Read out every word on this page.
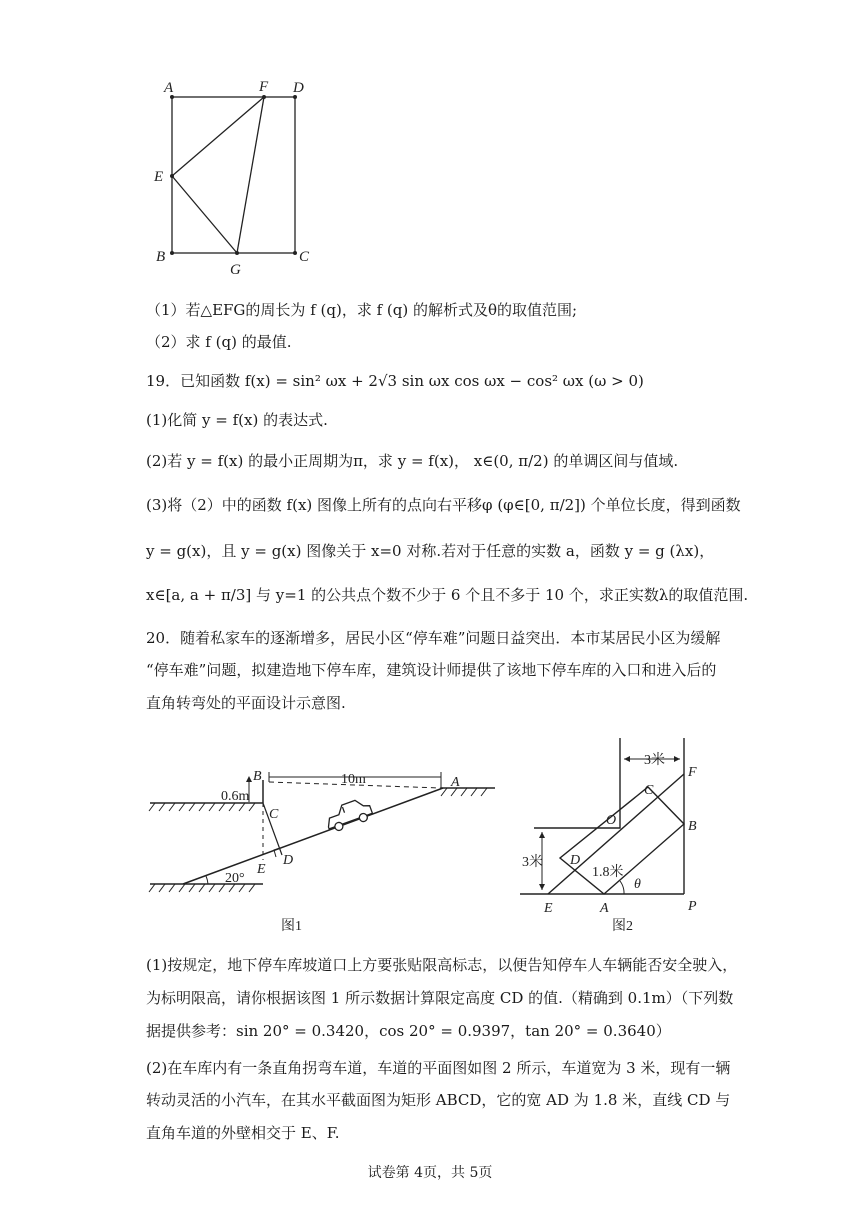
A	F D
E
B
G
C
（1）若△EFG的周长为 f (q)，求 f (q) 的解析式及θ的取值范围;
（2）求 f (q) 的最值.
19．已知函数 f(x) = sin² ωx + 2√3 sin ωx cos ωx − cos² ωx (ω > 0)
(1)化简 y = f(x) 的表达式.
(2)若 y = f(x) 的最小正周期为π，求 y = f(x)， x∈(0, π/2) 的单调区间与值域.
(3)将（2）中的函数 f(x) 图像上所有的点向右平移φ (φ∈[0, π/2]) 个单位长度，得到函数
y = g(x)，且 y = g(x) 图像关于 x=0 对称.若对于任意的实数 a，函数 y = g (λx)，
x∈[a, a + π/3] 与 y=1 的公共点个数不少于 6 个且不多于 10 个，求正实数λ的取值范围.
20．随着私家车的逐渐增多，居民小区“停车难”问题日益突出．本市某居民小区为缓解
“停车难”问题，拟建造地下停车库，建筑设计师提供了该地下停车库的入口和进入后的
直角转弯处的平面设计示意图.
B	A
10m
0.6m
C
D
E
20°
图1
F
C
B
O
D
E	A	P
3米
3米
1.8米
θ
图2
(1)按规定，地下停车库坡道口上方要张贴限高标志，以便告知停车人车辆能否安全驶入，
为标明限高，请你根据该图 1 所示数据计算限定高度 CD 的值.（精确到 0.1m）（下列数
据提供参考：sin 20° = 0.3420，cos 20° = 0.9397，tan 20° = 0.3640）
(2)在车库内有一条直角拐弯车道，车道的平面图如图 2 所示，车道宽为 3 米，现有一辆
转动灵活的小汽车，在其水平截面图为矩形 ABCD，它的宽 AD 为 1.8 米，直线 CD 与
直角车道的外壁相交于 E、F.
试卷第 4页，共 5页
